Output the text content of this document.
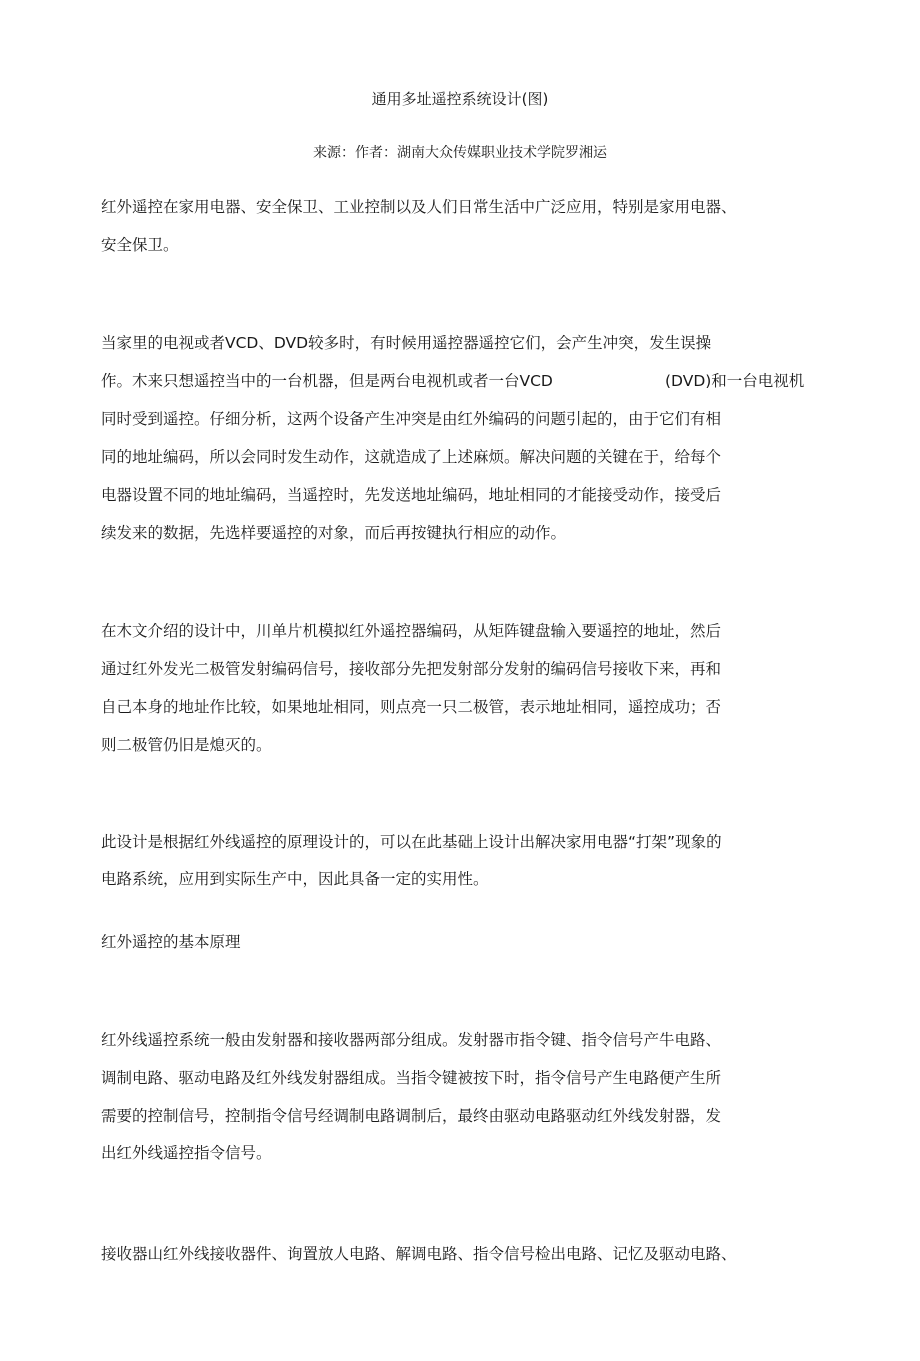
通用多址遥控系统设计(图)
来源：作者：湖南大众传媒职业技术学院罗湘运
红外遥控在家用电器、安全保卫、工业控制以及人们日常生活中广泛应用，特别是家用电器、
安全保卫。
当家里的电视或者VCD、DVD较多时，有时候用遥控器遥控它们，会产生冲突，发生误操
作。木来只想遥控当中的一台机器，但是两台电视机或者一台VCD	(DVD)和一台电视机
同时受到遥控。仔细分析，这两个设备产生冲突是由红外编码的问题引起的，由于它们有相
同的地址编码，所以会同时发生动作，这就造成了上述麻烦。解决问题的关键在于，给每个
电器设置不同的地址编码，当遥控时，先发送地址编码，地址相同的才能接受动作，接受后
续发来的数据，先选样要遥控的对象，而后再按键执行相应的动作。
在木文介绍的设计中，川单片机模拟红外遥控器编码，从矩阵键盘输入要遥控的地址，然后
通过红外发光二极管发射编码信号，接收部分先把发射部分发射的编码信号接收下来，再和
自己本身的地址作比较，如果地址相同，则点亮一只二极管，表示地址相同，遥控成功；否
则二极管仍旧是熄灭的。
此设计是根据红外线遥控的原理设计的，可以在此基础上设计出解决家用电器“打架”现象的
电路系统，应用到实际生产中，因此具备一定的实用性。
红外遥控的基本原理
红外线遥控系统一般由发射器和接收器两部分组成。发射器市指令键、指令信号产牛电路、
调制电路、驱动电路及红外线发射器组成。当指令键被按下时，指令信号产生电路便产生所
需要的控制信号，控制指令信号经调制电路调制后，最终由驱动电路驱动红外线发射器，发
出红外线遥控指令信号。
接收器山红外线接收器件、询置放人电路、解调电路、指令信号检出电路、记忆及驱动电路、
